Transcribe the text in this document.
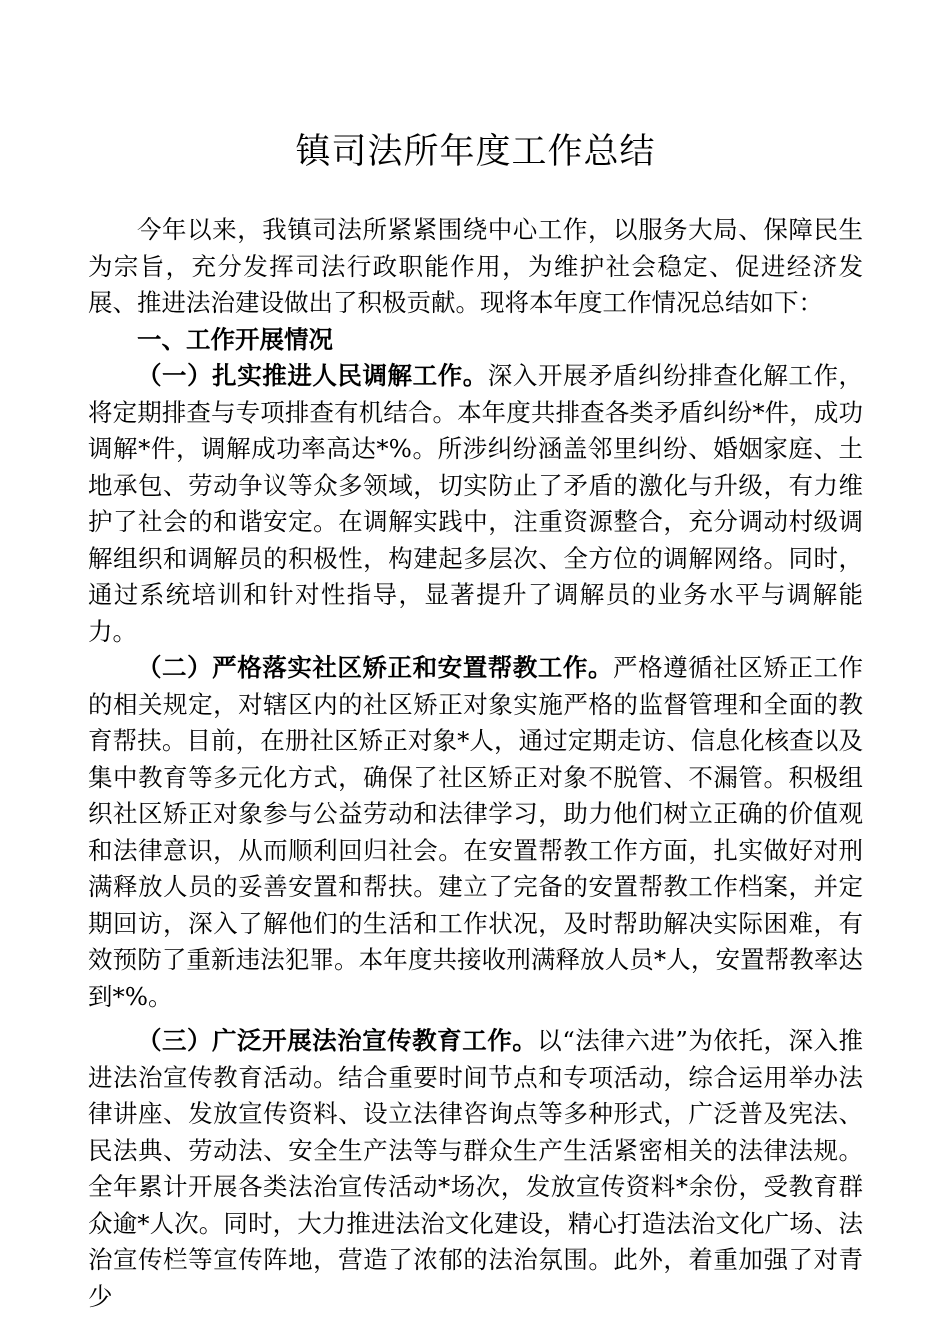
镇司法所年度工作总结

今年以来，我镇司法所紧紧围绕中心工作，以服务大局、保障民生为宗旨，充分发挥司法行政职能作用，为维护社会稳定、促进经济发展、推进法治建设做出了积极贡献。现将本年度工作情况总结如下：

一、工作开展情况

（一）扎实推进人民调解工作。深入开展矛盾纠纷排查化解工作，将定期排查与专项排查有机结合。本年度共排查各类矛盾纠纷*件，成功调解*件，调解成功率高达*%。所涉纠纷涵盖邻里纠纷、婚姻家庭、土地承包、劳动争议等众多领域，切实防止了矛盾的激化与升级，有力维护了社会的和谐安定。在调解实践中，注重资源整合，充分调动村级调解组织和调解员的积极性，构建起多层次、全方位的调解网络。同时，通过系统培训和针对性指导，显著提升了调解员的业务水平与调解能力。

（二）严格落实社区矫正和安置帮教工作。严格遵循社区矫正工作的相关规定，对辖区内的社区矫正对象实施严格的监督管理和全面的教育帮扶。目前，在册社区矫正对象*人，通过定期走访、信息化核查以及集中教育等多元化方式，确保了社区矫正对象不脱管、不漏管。积极组织社区矫正对象参与公益劳动和法律学习，助力他们树立正确的价值观和法律意识，从而顺利回归社会。在安置帮教工作方面，扎实做好对刑满释放人员的妥善安置和帮扶。建立了完备的安置帮教工作档案，并定期回访，深入了解他们的生活和工作状况，及时帮助解决实际困难，有效预防了重新违法犯罪。本年度共接收刑满释放人员*人，安置帮教率达到*%。

（三）广泛开展法治宣传教育工作。以“法律六进”为依托，深入推进法治宣传教育活动。结合重要时间节点和专项活动，综合运用举办法律讲座、发放宣传资料、设立法律咨询点等多种形式，广泛普及宪法、民法典、劳动法、安全生产法等与群众生产生活紧密相关的法律法规。全年累计开展各类法治宣传活动*场次，发放宣传资料*余份，受教育群众逾*人次。同时，大力推进法治文化建设，精心打造法治文化广场、法治宣传栏等宣传阵地，营造了浓郁的法治氛围。此外，着重加强了对青少
